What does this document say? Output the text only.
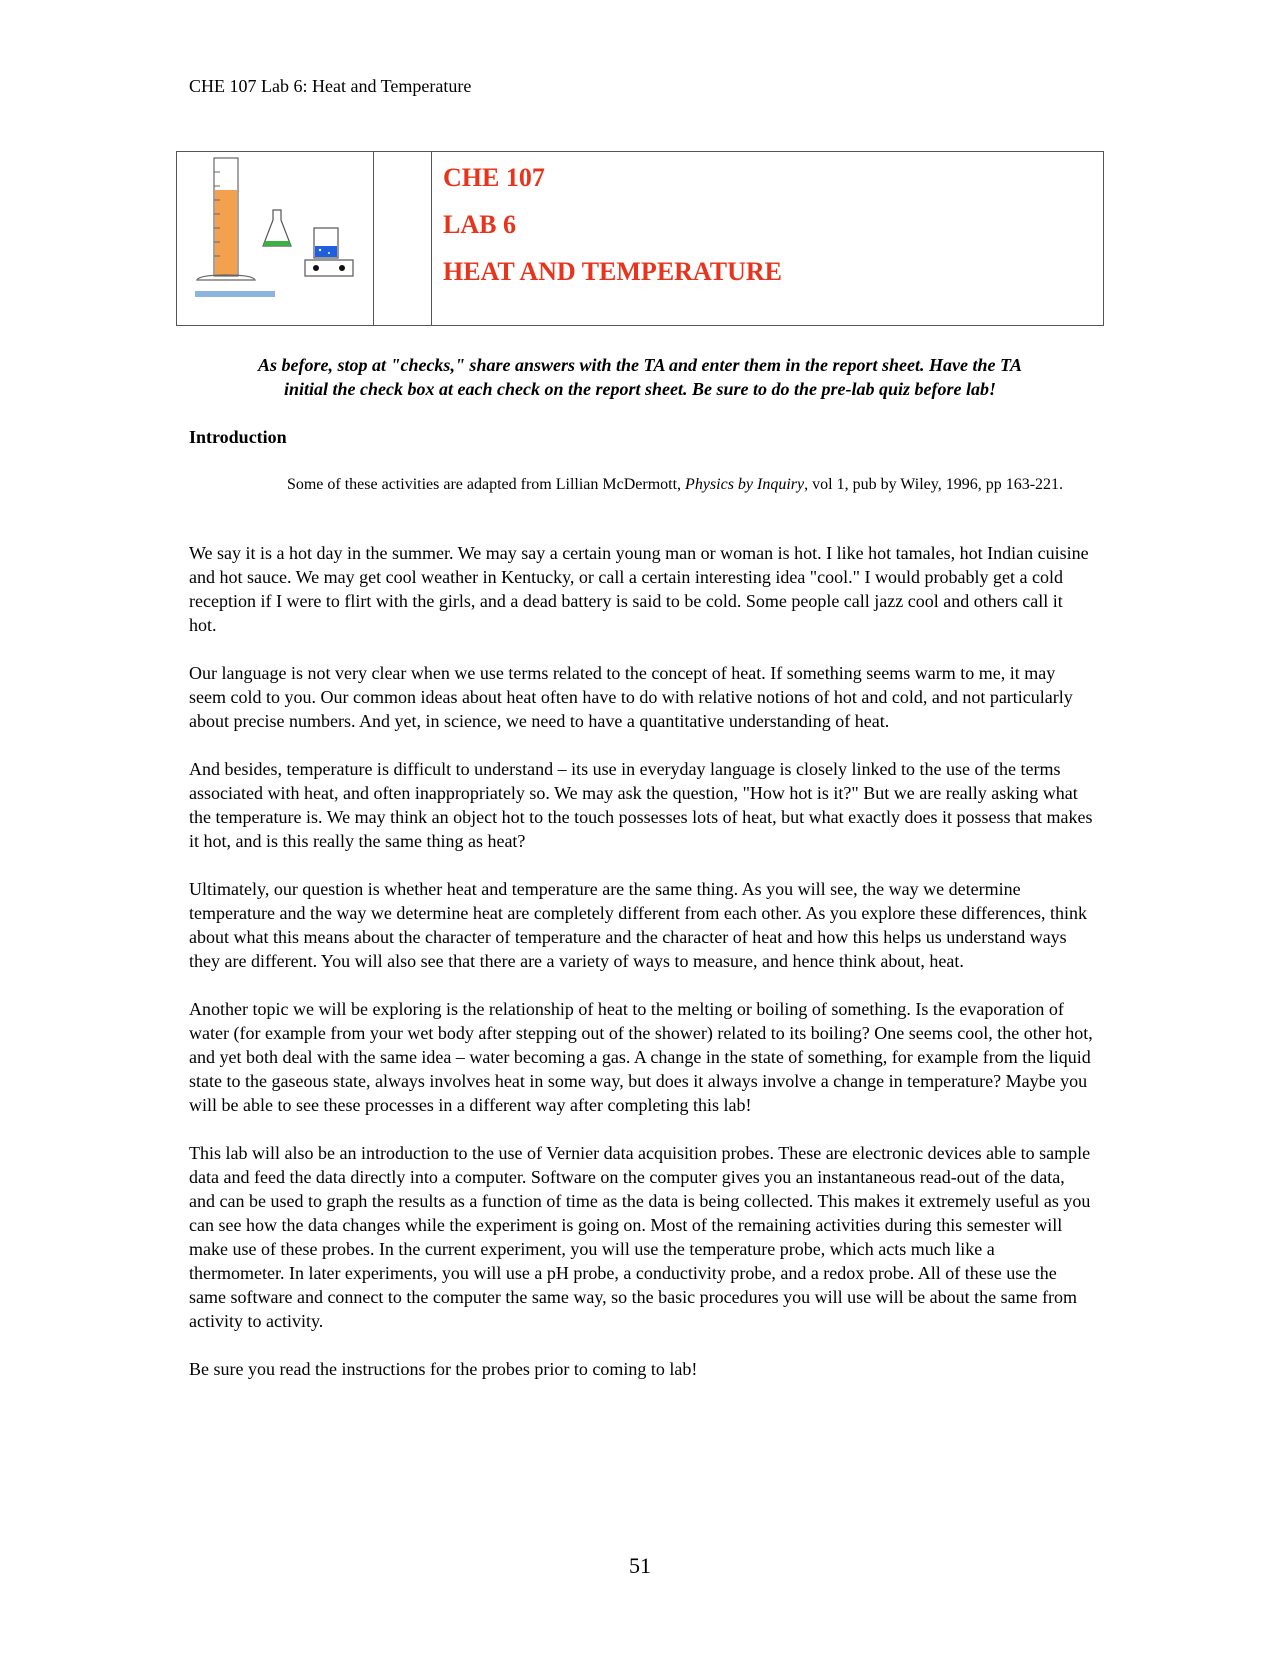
CHE 107 Lab 6: Heat and Temperature
CHE 107
LAB 6
HEAT AND TEMPERATURE
As before, stop at "checks," share answers with the TA and enter them in the report sheet. Have the TA
initial the check box at each check on the report sheet. Be sure to do the pre-lab quiz before lab!
Introduction
Some of these activities are adapted from Lillian McDermott, Physics by Inquiry, vol 1, pub by Wiley, 1996, pp 163-221.

We say it is a hot day in the summer. We may say a certain young man or woman is hot. I like hot tamales, hot Indian cuisine and hot sauce. We may get cool weather in Kentucky, or call a certain interesting idea "cool." I would probably get a cold reception if I were to flirt with the girls, and a dead battery is said to be cold. Some people call jazz cool and others call it hot.

Our language is not very clear when we use terms related to the concept of heat. If something seems warm to me, it may seem cold to you. Our common ideas about heat often have to do with relative notions of hot and cold, and not particularly about precise numbers. And yet, in science, we need to have a quantitative understanding of heat.

And besides, temperature is difficult to understand – its use in everyday language is closely linked to the use of the terms associated with heat, and often inappropriately so. We may ask the question, "How hot is it?" But we are really asking what the temperature is. We may think an object hot to the touch possesses lots of heat, but what exactly does it possess that makes it hot, and is this really the same thing as heat?

Ultimately, our question is whether heat and temperature are the same thing. As you will see, the way we determine temperature and the way we determine heat are completely different from each other. As you explore these differences, think about what this means about the character of temperature and the character of heat and how this helps us understand ways they are different. You will also see that there are a variety of ways to measure, and hence think about, heat.

Another topic we will be exploring is the relationship of heat to the melting or boiling of something. Is the evaporation of water (for example from your wet body after stepping out of the shower) related to its boiling? One seems cool, the other hot, and yet both deal with the same idea – water becoming a gas. A change in the state of something, for example from the liquid state to the gaseous state, always involves heat in some way, but does it always involve a change in temperature? Maybe you will be able to see these processes in a different way after completing this lab!

This lab will also be an introduction to the use of Vernier data acquisition probes. These are electronic devices able to sample data and feed the data directly into a computer. Software on the computer gives you an instantaneous read-out of the data, and can be used to graph the results as a function of time as the data is being collected. This makes it extremely useful as you can see how the data changes while the experiment is going on. Most of the remaining activities during this semester will make use of these probes. In the current experiment, you will use the temperature probe, which acts much like a thermometer. In later experiments, you will use a pH probe, a conductivity probe, and a redox probe. All of these use the same software and connect to the computer the same way, so the basic procedures you will use will be about the same from activity to activity.

Be sure you read the instructions for the probes prior to coming to lab!

51
